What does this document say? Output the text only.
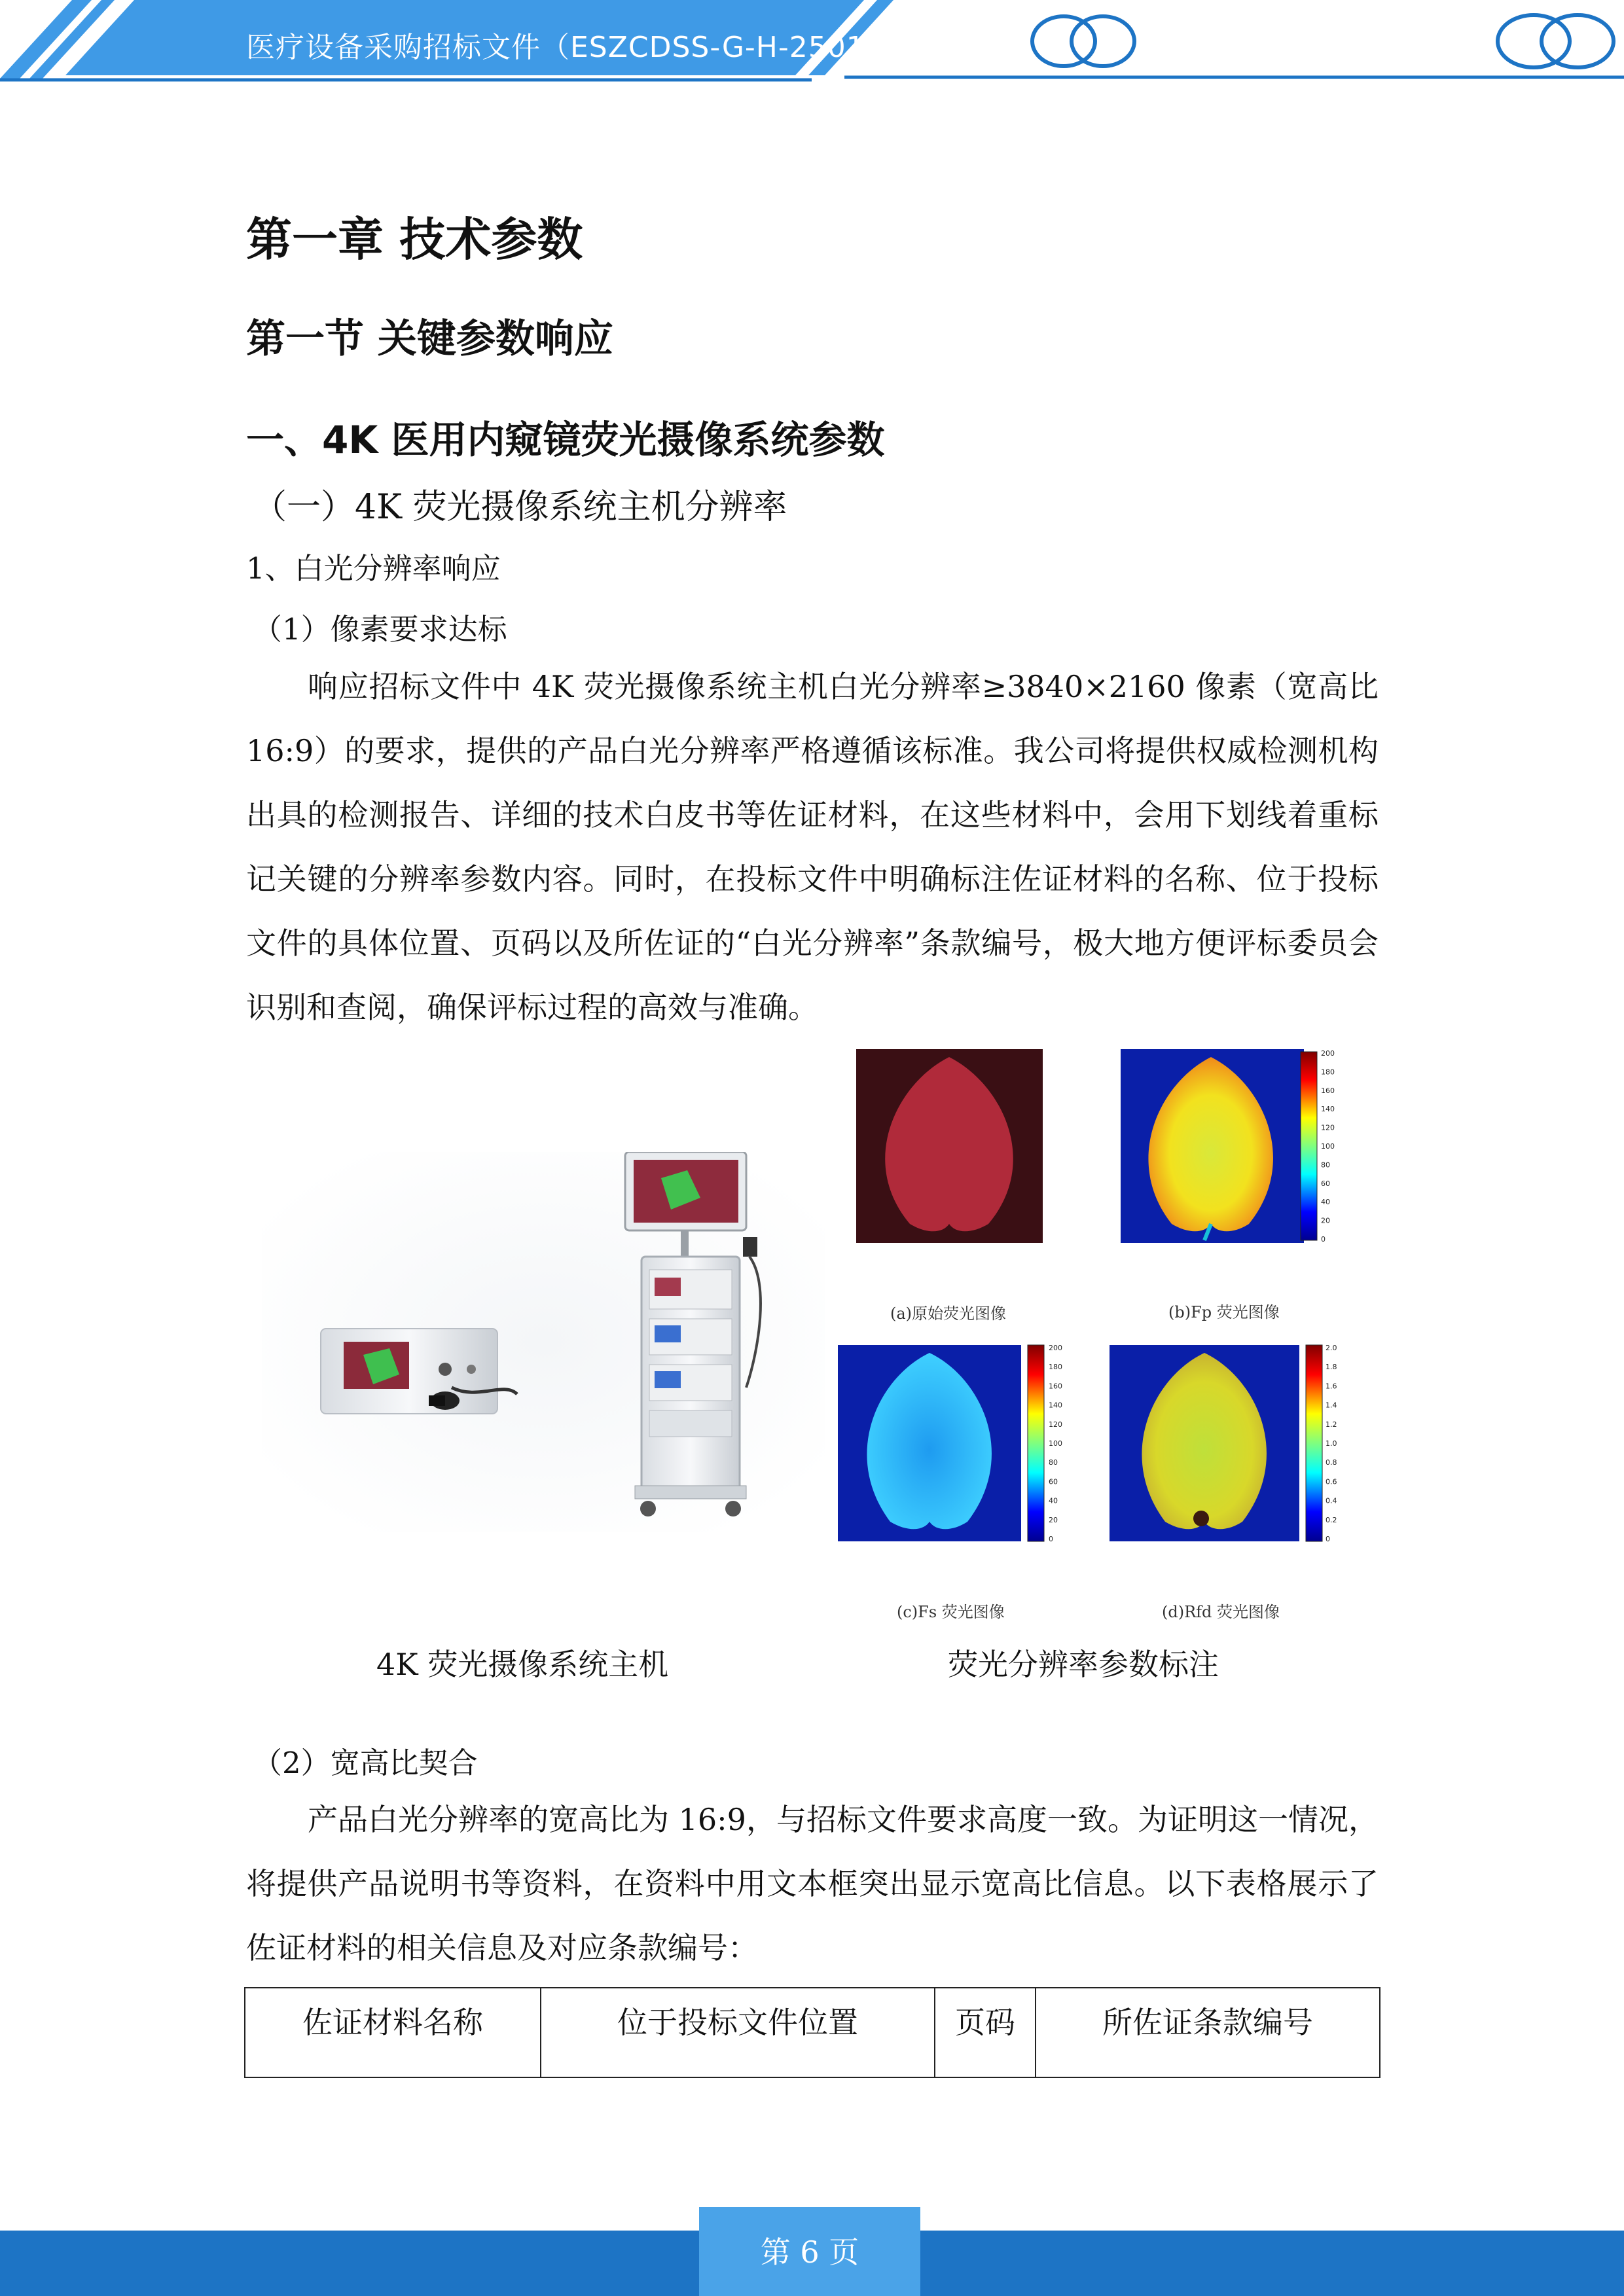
医疗设备采购招标文件（ESZCDSS-G-H-2501
第一章 技术参数
第一节 关键参数响应
一、4K 医用内窥镜荧光摄像系统参数
（一）4K 荧光摄像系统主机分辨率
1、白光分辨率响应
（1）像素要求达标

响应招标文件中 4K 荧光摄像系统主机白光分辨率≥3840×2160 像素（宽高比 16:9）的要求，提供的产品白光分辨率严格遵循该标准。我公司将提供权威检测机构出具的检测报告、详细的技术白皮书等佐证材料，在这些材料中，会用下划线着重标记关键的分辨率参数内容。同时，在投标文件中明确标注佐证材料的名称、位于投标文件的具体位置、页码以及所佐证的“白光分辨率”条款编号，极大地方便评标委员会识别和查阅，确保评标过程的高效与准确。

200
180
160
140
120
100
80
60
40
20
0
200
180
160
140
120
100
80
60
40
20
0
2.0
1.8
1.6
1.4
1.2
1.0
0.8
0.6
0.4
0.2
0
(a)原始荧光图像	(b)Fp 荧光图像
(c)Fs 荧光图像	(d)Rfd 荧光图像
4K 荧光摄像系统主机	荧光分辨率参数标注
（2）宽高比契合

产品白光分辨率的宽高比为 16:9，与招标文件要求高度一致。为证明这一情况，将提供产品说明书等资料，在资料中用文本框突出显示宽高比信息。以下表格展示了佐证材料的相关信息及对应条款编号：

佐证材料名称	位于投标文件位置	页码	所佐证条款编号
第 6 页
